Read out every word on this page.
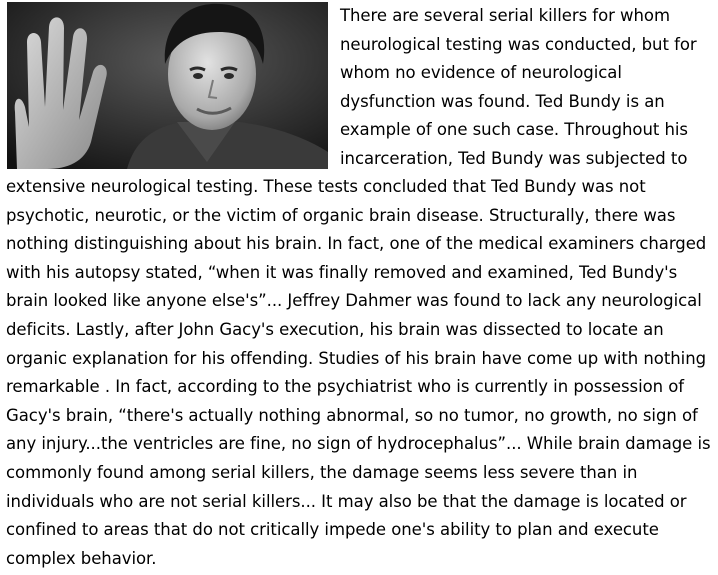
There are several serial killers for whom
neurological testing was conducted, but for
whom no evidence of neurological
dysfunction was found. Ted Bundy is an
example of one such case. Throughout his
incarceration, Ted Bundy was subjected to
extensive neurological testing. These tests concluded that Ted Bundy was not
psychotic, neurotic, or the victim of organic brain disease. Structurally, there was
nothing distinguishing about his brain. In fact, one of the medical examiners charged
with his autopsy stated, “when it was finally removed and examined, Ted Bundy's
brain looked like anyone else's”... Jeffrey Dahmer was found to lack any neurological
deficits. Lastly, after John Gacy's execution, his brain was dissected to locate an
organic explanation for his offending. Studies of his brain have come up with nothing
remarkable . In fact, according to the psychiatrist who is currently in possession of
Gacy's brain, “there's actually nothing abnormal, so no tumor, no growth, no sign of
any injury...the ventricles are fine, no sign of hydrocephalus”... While brain damage is
commonly found among serial killers, the damage seems less severe than in
individuals who are not serial killers... It may also be that the damage is located or
confined to areas that do not critically impede one's ability to plan and execute
complex behavior.
